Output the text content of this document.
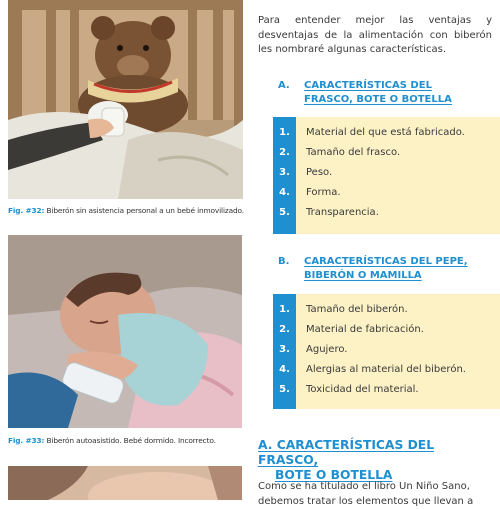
Fig. #32: Biberón sin asistencia personal a un bebé inmovilizado.
Fig. #33: Biberón autoasistido. Bebé dormido. Incorrecto.
Para entender mejor las ventajas y desventajas de la alimentación con biberón les nombraré algunas características.
A.	CARACTERÍSTICAS DEL
FRASCO, BOTE O BOTELLA
1.	Material del que está fabricado.
2.	Tamaño del frasco.
3.	Peso.
4.	Forma.
5.	Transparencia.
B.	CARACTERÍSTICAS DEL PEPE,
BIBERÓN O MAMILLA
1.	Tamaño del biberón.
2.	Material de fabricación.
3.	Agujero.
4.	Alergias al material del biberón.
5.	Toxicidad del material.
A. CARACTERÍSTICAS DEL FRASCO,
BOTE O BOTELLA
Como se ha titulado el libro Un Niño Sano,
debemos tratar los elementos que llevan a
